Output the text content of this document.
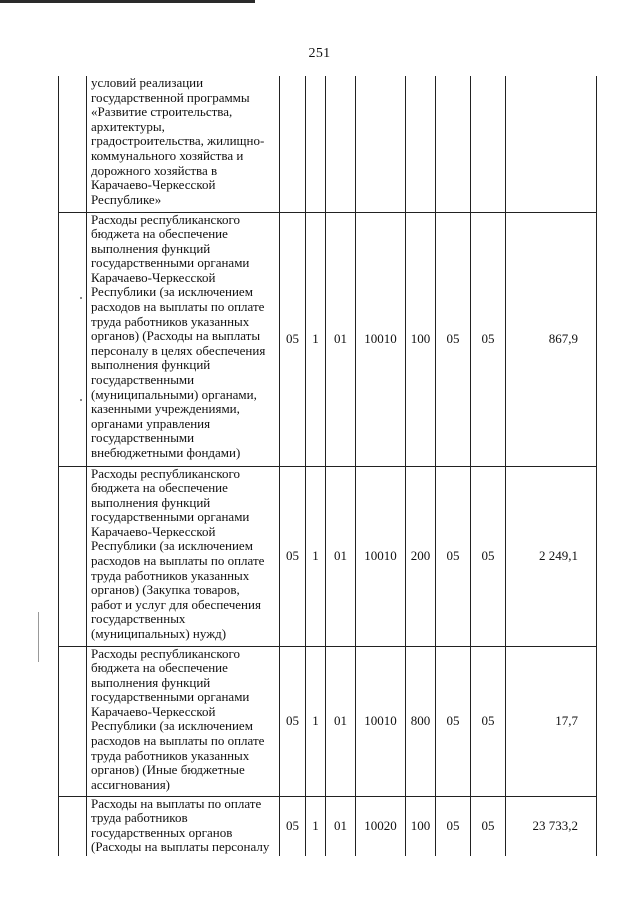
251
	условий реализации государственной программы «Развитие строительства, архитектуры, градостроительства, жилищно-коммунального хозяйства и дорожного хозяйства в Карачаево-Черкесской Республике»								
	Расходы республиканского бюджета на обеспечение выполнения функций государственными органами Карачаево-Черкесской Республики (за исключением расходов на выплаты по оплате труда работников указанных органов) (Расходы на выплаты персоналу в целях обеспечения выполнения функций государственными (муниципальными) органами, казенными учреждениями, органами управления государственными внебюджетными фондами)	05	1	01	10010	100	05	05	867,9
	Расходы республиканского бюджета на обеспечение выполнения функций государственными органами Карачаево-Черкесской Республики (за исключением расходов на выплаты по оплате труда работников указанных органов) (Закупка товаров, работ и услуг для обеспечения государственных (муниципальных) нужд)	05	1	01	10010	200	05	05	2 249,1
	Расходы республиканского бюджета на обеспечение выполнения функций государственными органами Карачаево-Черкесской Республики (за исключением расходов на выплаты по оплате труда работников указанных органов) (Иные бюджетные ассигнования)	05	1	01	10010	800	05	05	17,7
	Расходы на выплаты по оплате труда работников государственных органов (Расходы на выплаты персоналу	05	1	01	10020	100	05	05	23 733,2
